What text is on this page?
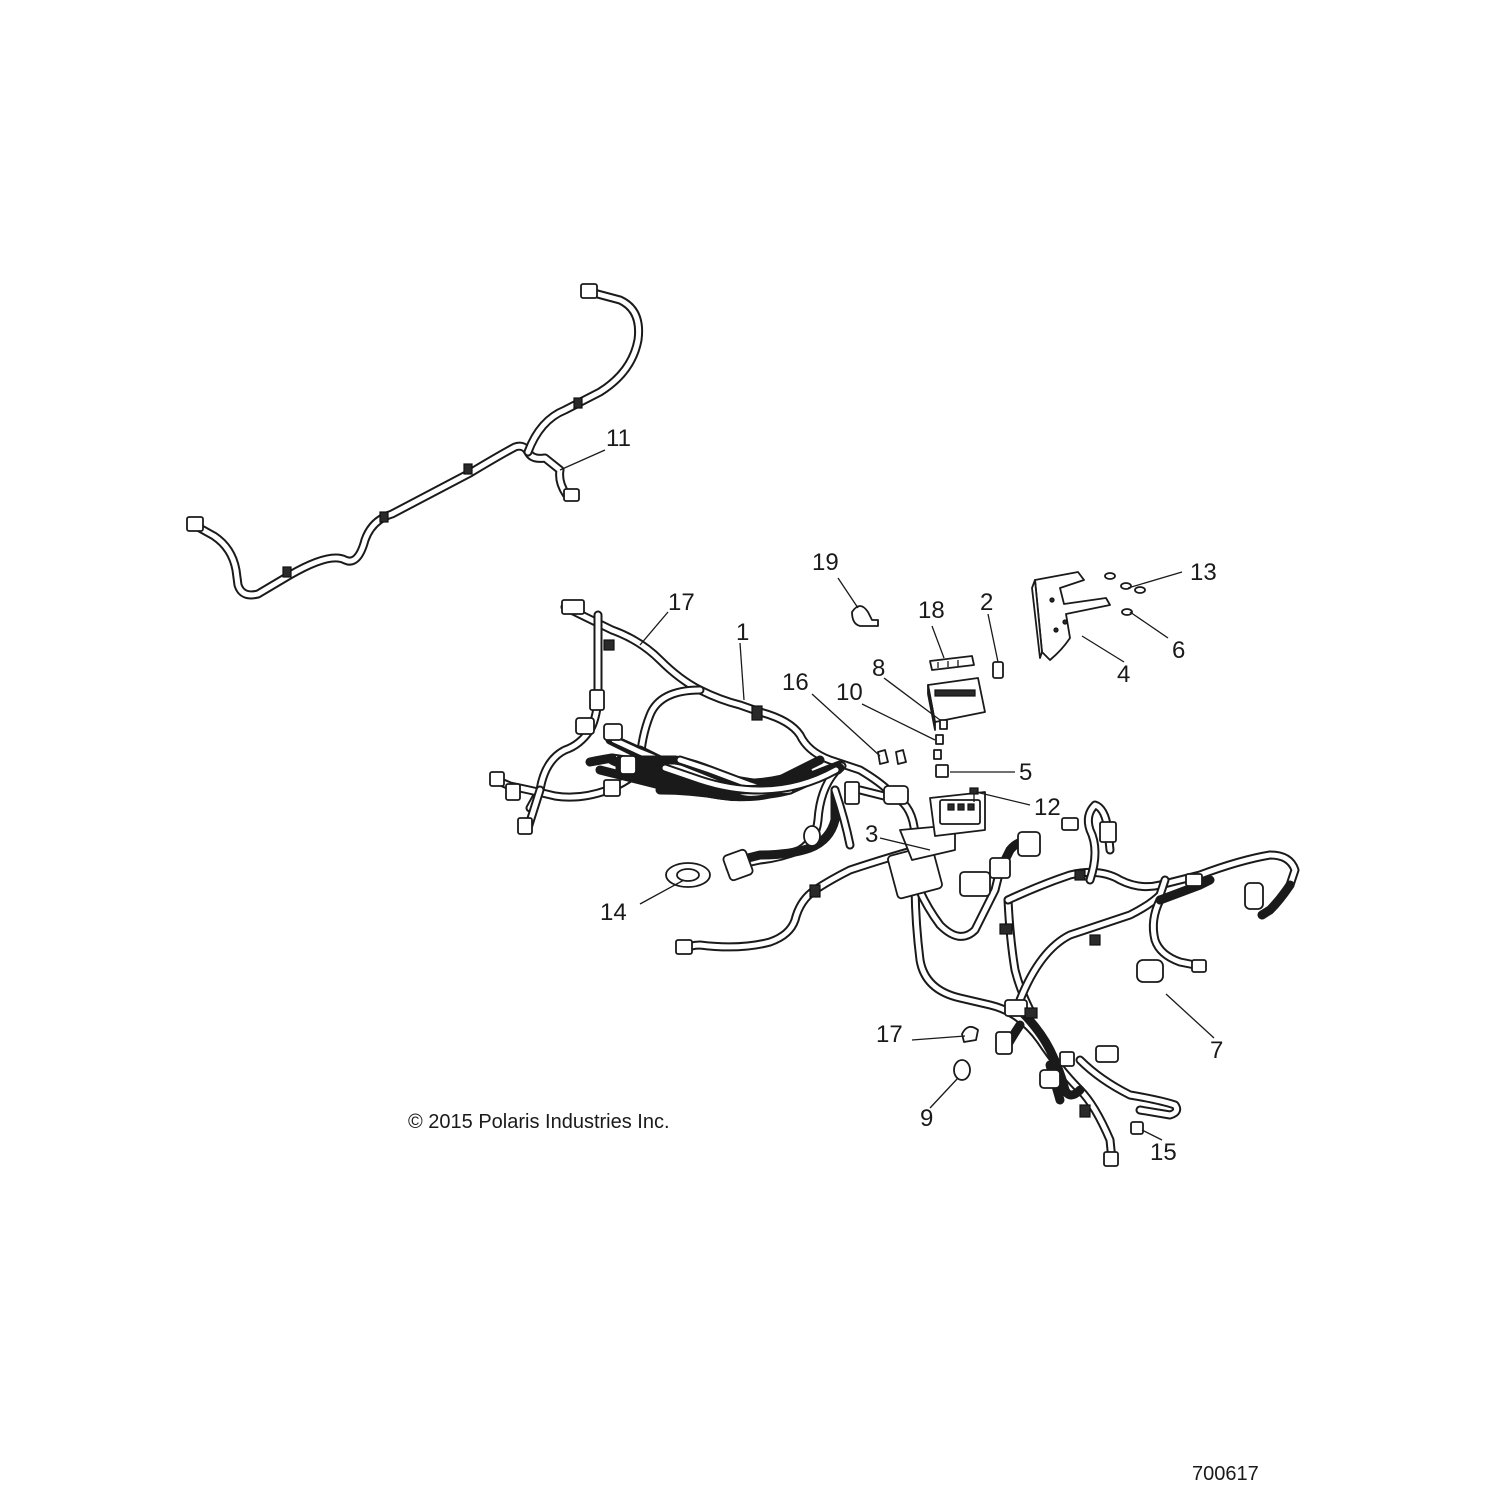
1
2
3
4
5
6
7
8
9
10
11
12
13
14
15
16
17
17
18
19
© 2015 Polaris Industries Inc.
700617
